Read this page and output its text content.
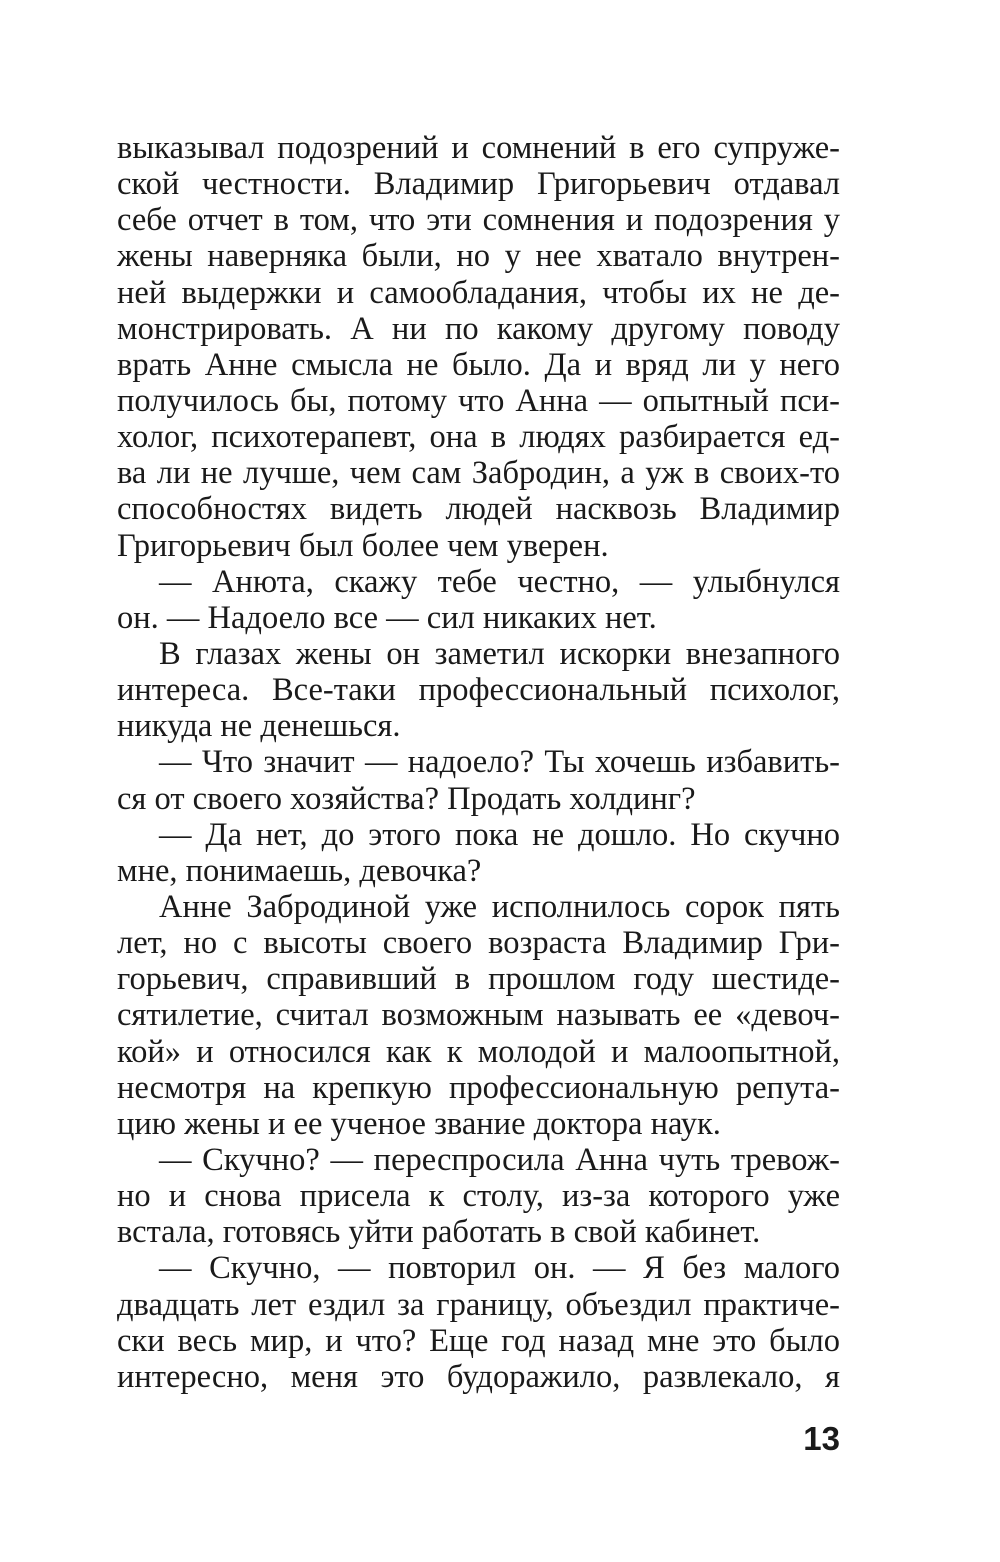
выказывал подозрений и сомнений в его супруже-
ской честности. Владимир Григорьевич отдавал
себе отчет в том, что эти сомнения и подозрения у
жены наверняка были, но у нее хватало внутрен-
ней выдержки и самообладания, чтобы их не де-
монстрировать. А ни по какому другому поводу
врать Анне смысла не было. Да и вряд ли у него
получилось бы, потому что Анна — опытный пси-
холог, психотерапевт, она в людях разбирается ед-
ва ли не лучше, чем сам Забродин, а уж в своих-то
способностях видеть людей насквозь Владимир
Григорьевич был более чем уверен.
— Анюта, скажу тебе честно, — улыбнулся
он. — Надоело все — сил никаких нет.
В глазах жены он заметил искорки внезапного
интереса. Все-таки профессиональный психолог,
никуда не денешься.
— Что значит — надоело? Ты хочешь избавить-
ся от своего хозяйства? Продать холдинг?
— Да нет, до этого пока не дошло. Но скучно
мне, понимаешь, девочка?
Анне Забродиной уже исполнилось сорок пять
лет, но с высоты своего возраста Владимир Гри-
горьевич, справивший в прошлом году шестиде-
сятилетие, считал возможным называть ее «девоч-
кой» и относился как к молодой и малоопытной,
несмотря на крепкую профессиональную репута-
цию жены и ее ученое звание доктора наук.
— Скучно? — переспросила Анна чуть тревож-
но и снова присела к столу, из-за которого уже
встала, готовясь уйти работать в свой кабинет.
— Скучно, — повторил он. — Я без малого
двадцать лет ездил за границу, объездил практиче-
ски весь мир, и что? Еще год назад мне это было
интересно, меня это будоражило, развлекало, я
13
